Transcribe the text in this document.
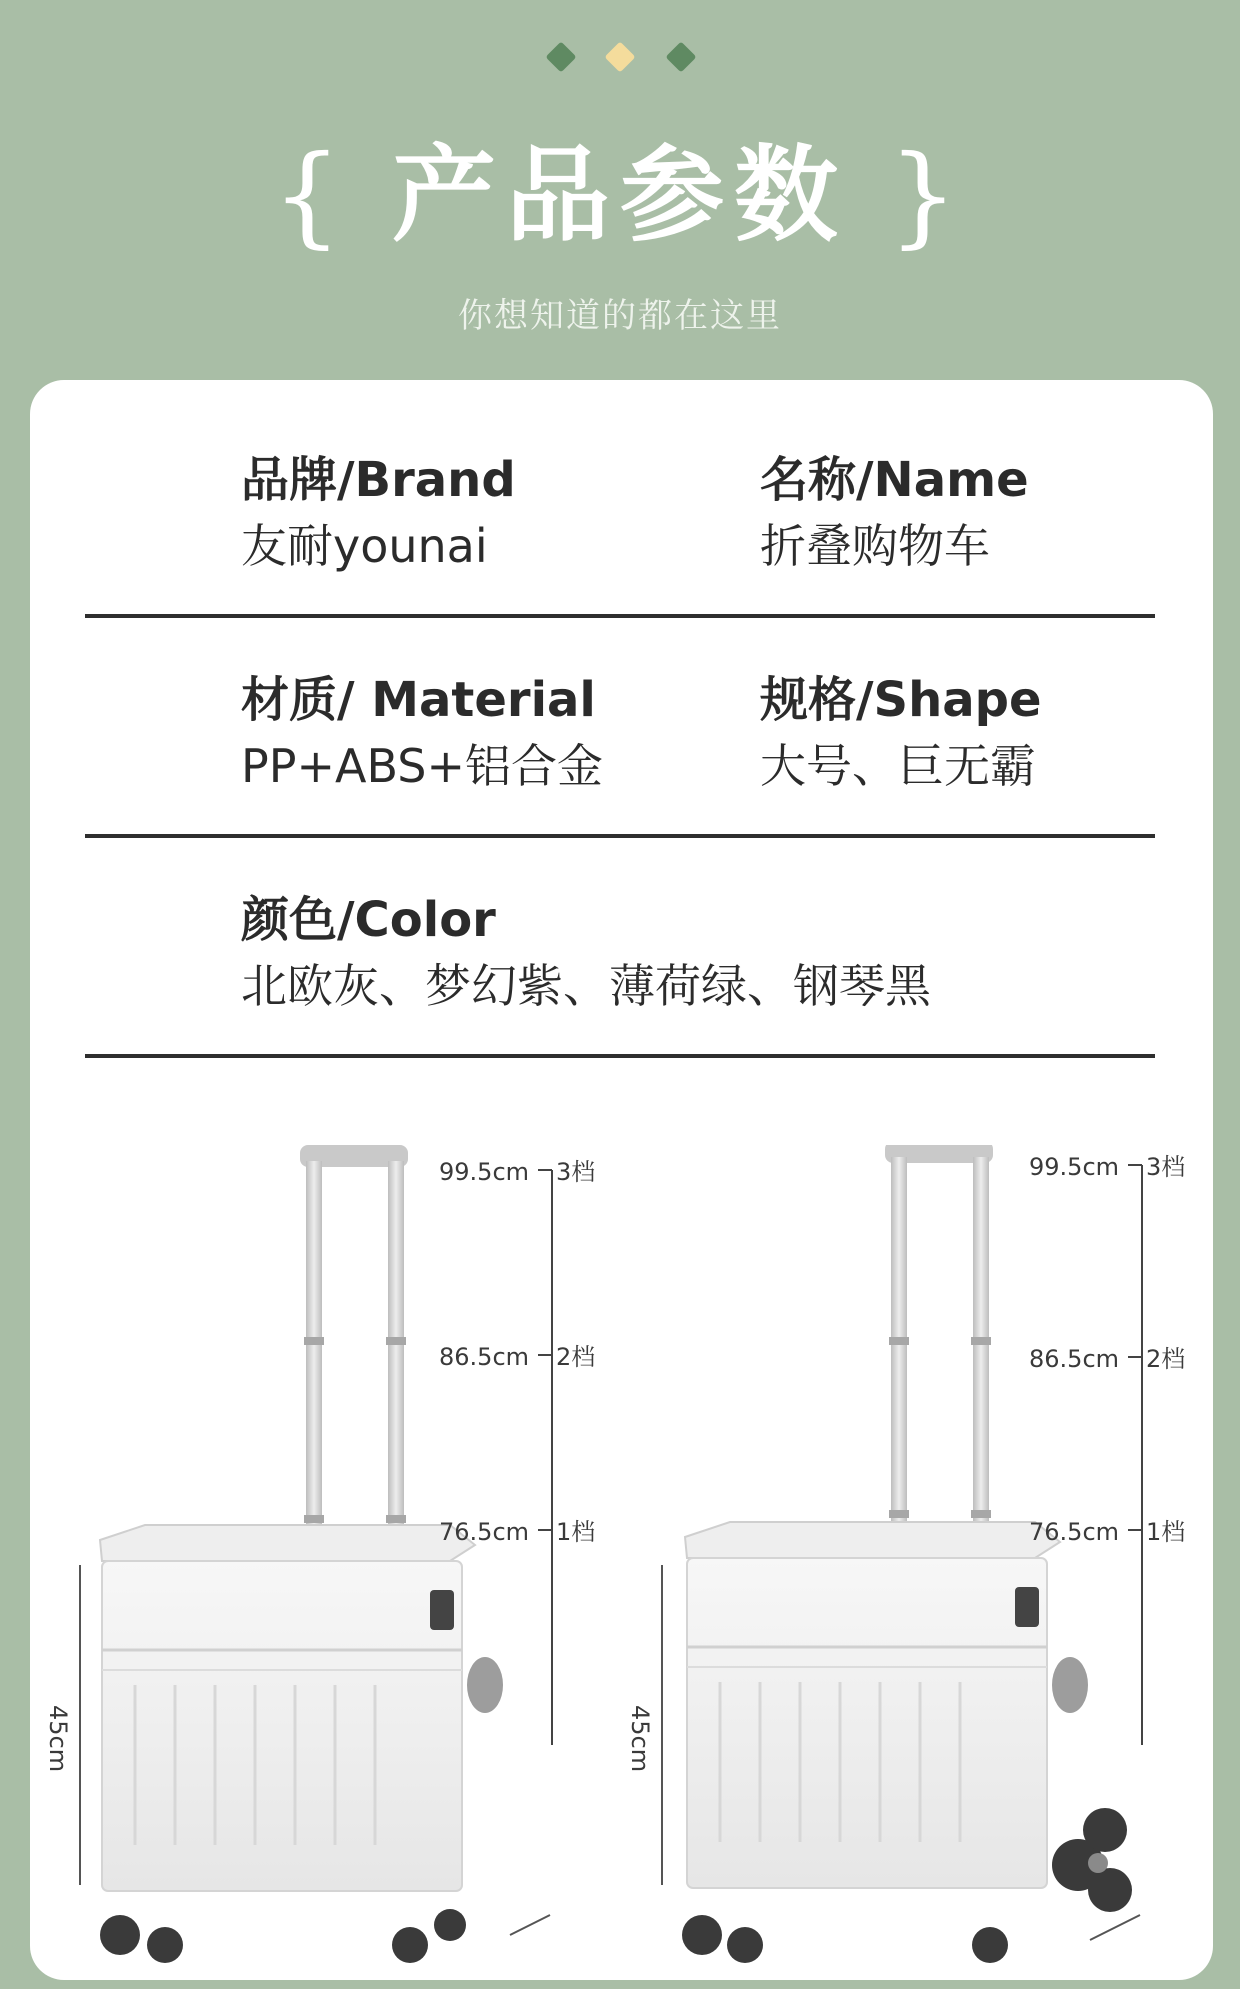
{ 产品参数 }
你想知道的都在这里
品牌/Brand
友耐younai
名称/Name
折叠购物车
材质/ Material
PP+ABS+铝合金
规格/Shape
大号、巨无霸
颜色/Color
北欧灰、梦幻紫、薄荷绿、钢琴黑
99.5cm 3档
86.5cm 2档
76.5cm 1档
45cm
99.5cm 3档
86.5cm 2档
76.5cm 1档
45cm
